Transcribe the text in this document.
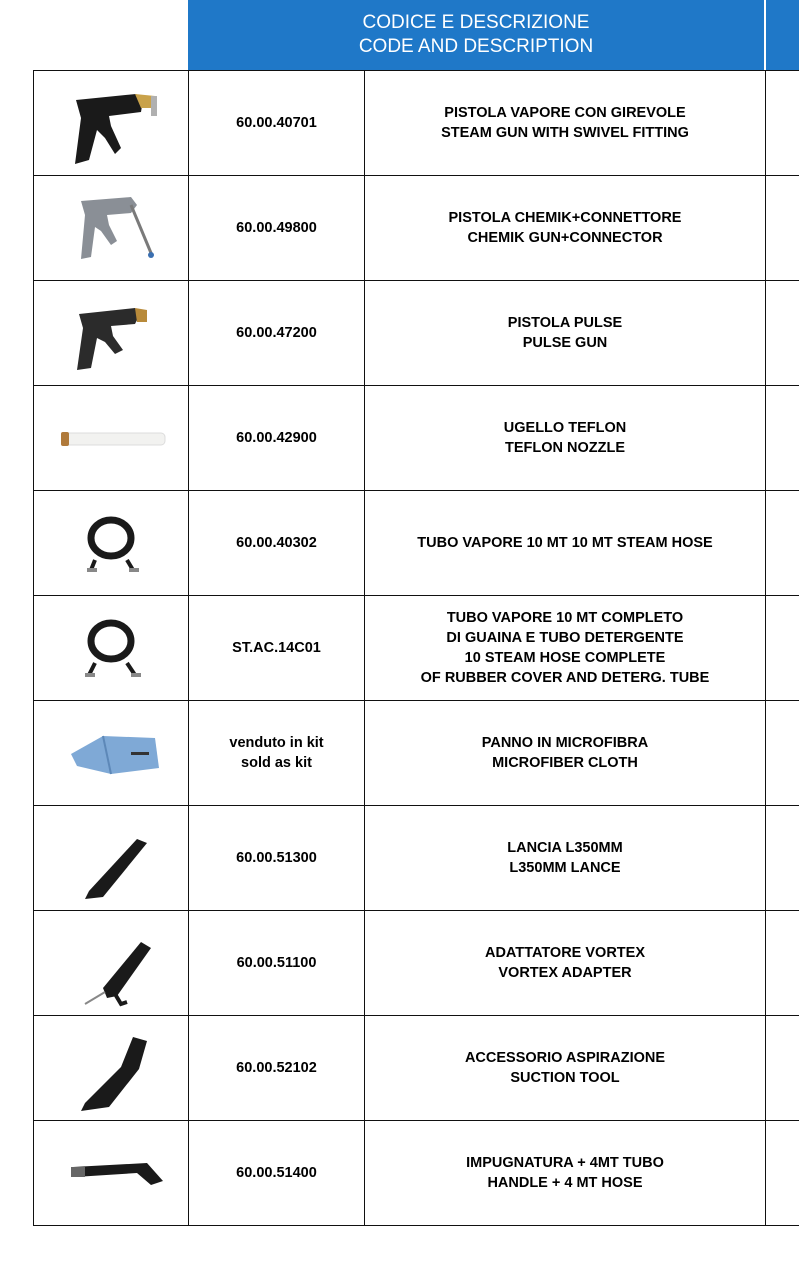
CODICE E DESCRIZIONE
CODE AND DESCRIPTION
60.00.40701
PISTOLA VAPORE CON GIREVOLE
STEAM GUN WITH SWIVEL FITTING
60.00.49800
PISTOLA CHEMIK+CONNETTORE
CHEMIK GUN+CONNECTOR
60.00.47200
PISTOLA PULSE
PULSE GUN
60.00.42900
UGELLO TEFLON
TEFLON NOZZLE
60.00.40302	TUBO VAPORE 10 MT 10 MT STEAM HOSE
ST.AC.14C01
TUBO VAPORE 10 MT COMPLETO
DI GUAINA E TUBO DETERGENTE
10 STEAM HOSE COMPLETE
OF RUBBER COVER AND DETERG. TUBE
venduto in kit
sold as kit
PANNO IN MICROFIBRA
MICROFIBER CLOTH
60.00.51300
LANCIA L350MM
L350MM LANCE
60.00.51100
ADATTATORE VORTEX
VORTEX ADAPTER
60.00.52102
ACCESSORIO ASPIRAZIONE
SUCTION TOOL
60.00.51400
IMPUGNATURA + 4MT TUBO
HANDLE + 4 MT HOSE
